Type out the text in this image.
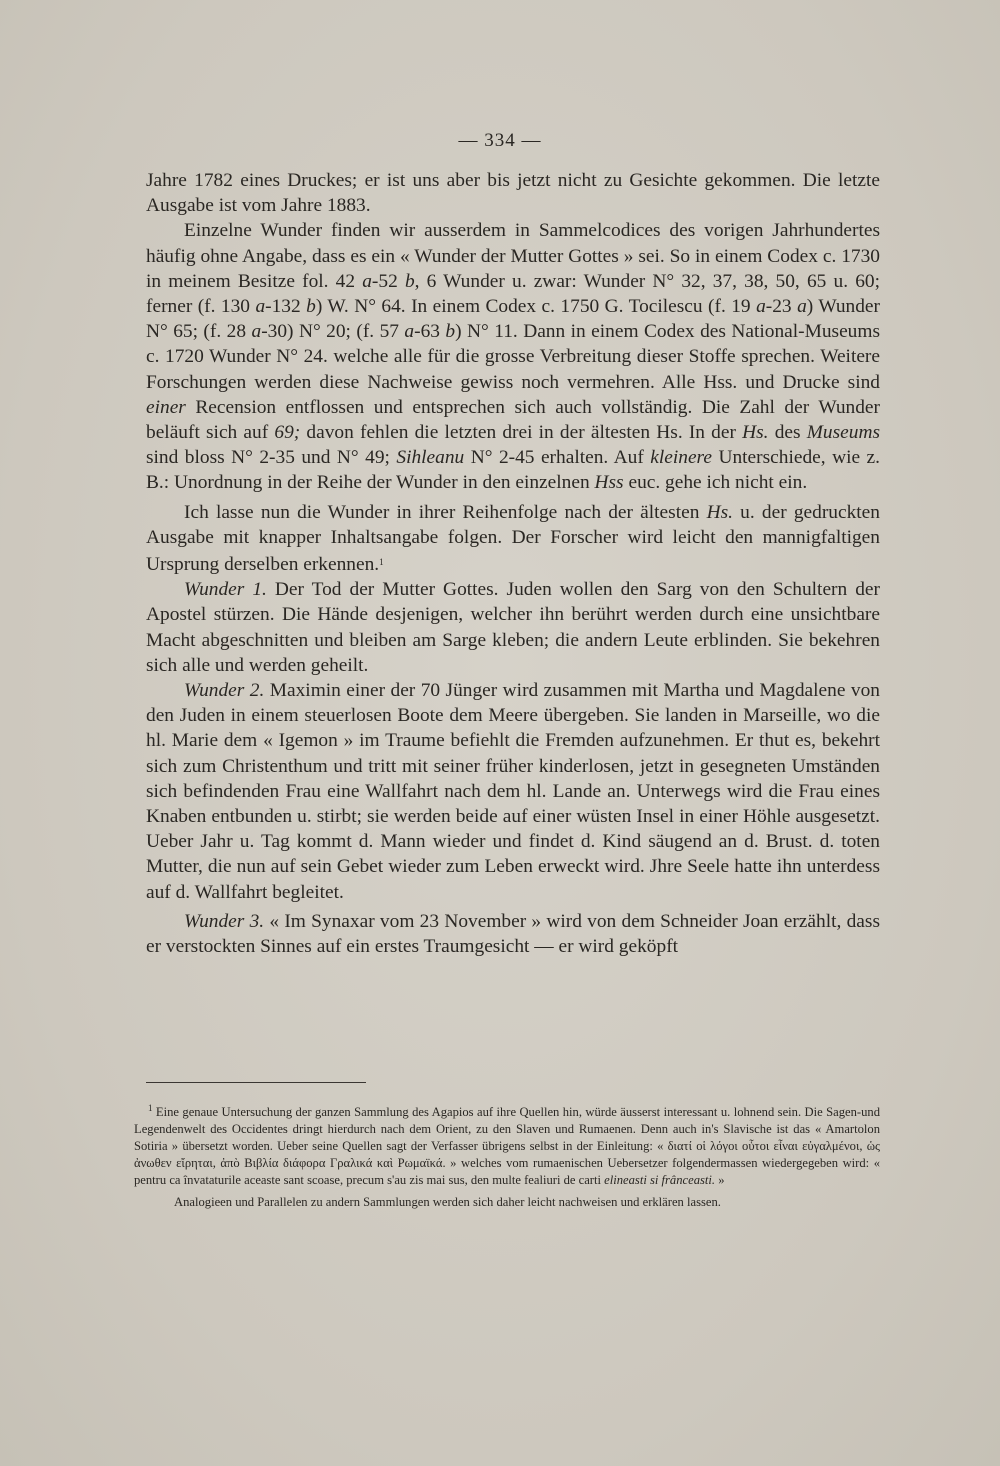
— 334 —

Jahre 1782 eines Druckes; er ist uns aber bis jetzt nicht zu Gesichte gekommen. Die letzte Ausgabe ist vom Jahre 1883.

Einzelne Wunder finden wir ausserdem in Sammelcodices des vorigen Jahrhundertes häufig ohne Angabe, dass es ein « Wunder der Mutter Gottes » sei. So in einem Codex c. 1730 in meinem Besitze fol. 42 a-52 b, 6 Wunder u. zwar: Wunder N° 32, 37, 38, 50, 65 u. 60; ferner (f. 130 a-132 b) W. N° 64. In einem Codex c. 1750 G. Tocilescu (f. 19 a-23 a) Wunder N° 65; (f. 28 a-30) N° 20; (f. 57 a-63 b) N° 11. Dann in einem Codex des National-Museums c. 1720 Wunder N° 24. welche alle für die grosse Verbreitung dieser Stoffe sprechen. Weitere Forschungen werden diese Nachweise gewiss noch vermehren. Alle Hss. und Drucke sind einer Recension entflossen und entsprechen sich auch vollständig. Die Zahl der Wunder beläuft sich auf 69; davon fehlen die letzten drei in der ältesten Hs. In der Hs. des Museums sind bloss N° 2-35 und N° 49; Sihleanu N° 2-45 erhalten. Auf kleinere Unterschiede, wie z. B.: Unordnung in der Reihe der Wunder in den einzelnen Hss euc. gehe ich nicht ein.

Ich lasse nun die Wunder in ihrer Reihenfolge nach der ältesten Hs. u. der gedruckten Ausgabe mit knapper Inhaltsangabe folgen. Der Forscher wird leicht den mannigfaltigen Ursprung derselben erkennen.$^1$

Wunder 1. Der Tod der Mutter Gottes. Juden wollen den Sarg von den Schultern der Apostel stürzen. Die Hände desjenigen, welcher ihn berührt werden durch eine unsichtbare Macht abgeschnitten und bleiben am Sarge kleben; die andern Leute erblinden. Sie bekehren sich alle und werden geheilt.

Wunder 2. Maximin einer der 70 Jünger wird zusammen mit Martha und Magdalene von den Juden in einem steuerlosen Boote dem Meere übergeben. Sie landen in Marseille, wo die hl. Marie dem « Igemon » im Traume befiehlt die Fremden aufzunehmen. Er thut es, bekehrt sich zum Christenthum und tritt mit seiner früher kinderlosen, jetzt in gesegneten Umständen sich befindenden Frau eine Wallfahrt nach dem hl. Lande an. Unterwegs wird die Frau eines Knaben entbunden u. stirbt; sie werden beide auf einer wüsten Insel in einer Höhle ausgesetzt. Ueber Jahr u. Tag kommt d. Mann wieder und findet d. Kind säugend an d. Brust. d. toten Mutter, die nun auf sein Gebet wieder zum Leben erweckt wird. Jhre Seele hatte ihn unterdess auf d. Wallfahrt begleitet.

Wunder 3. « Im Synaxar vom 23 November » wird von dem Schneider Joan erzählt, dass er verstockten Sinnes auf ein erstes Traumgesicht — er wird geköpft

$^1$ Eine genaue Untersuchung der ganzen Sammlung des Agapios auf ihre Quellen hin, würde äusserst interessant u. lohnend sein. Die Sagen-und Legendenwelt des Occidentes dringt hierdurch nach dem Orient, zu den Slaven und Rumaenen. Denn auch in's Slavische ist das « Amartolon Sotiria » übersetzt worden. Ueber seine Quellen sagt der Verfasser übrigens selbst in der Einleitung: « διατί οἱ λόγοι οὗτοι εἶναι εὐγαλμένοι, ὡς ἀνωθεν εἴρηται, ἀπὸ Βιβλία διάφορα Γραλικά καὶ Ρωμαϊκά. » welches vom rumaenischen Uebersetzer folgendermassen wiedergegeben wird: « pentru ca învataturile aceaste sant scoase, precum s'au zis mai sus, den multe fealiuri de carti elineasti si frânceasti. »

Analogieen und Parallelen zu andern Sammlungen werden sich daher leicht nachweisen und erklären lassen.
